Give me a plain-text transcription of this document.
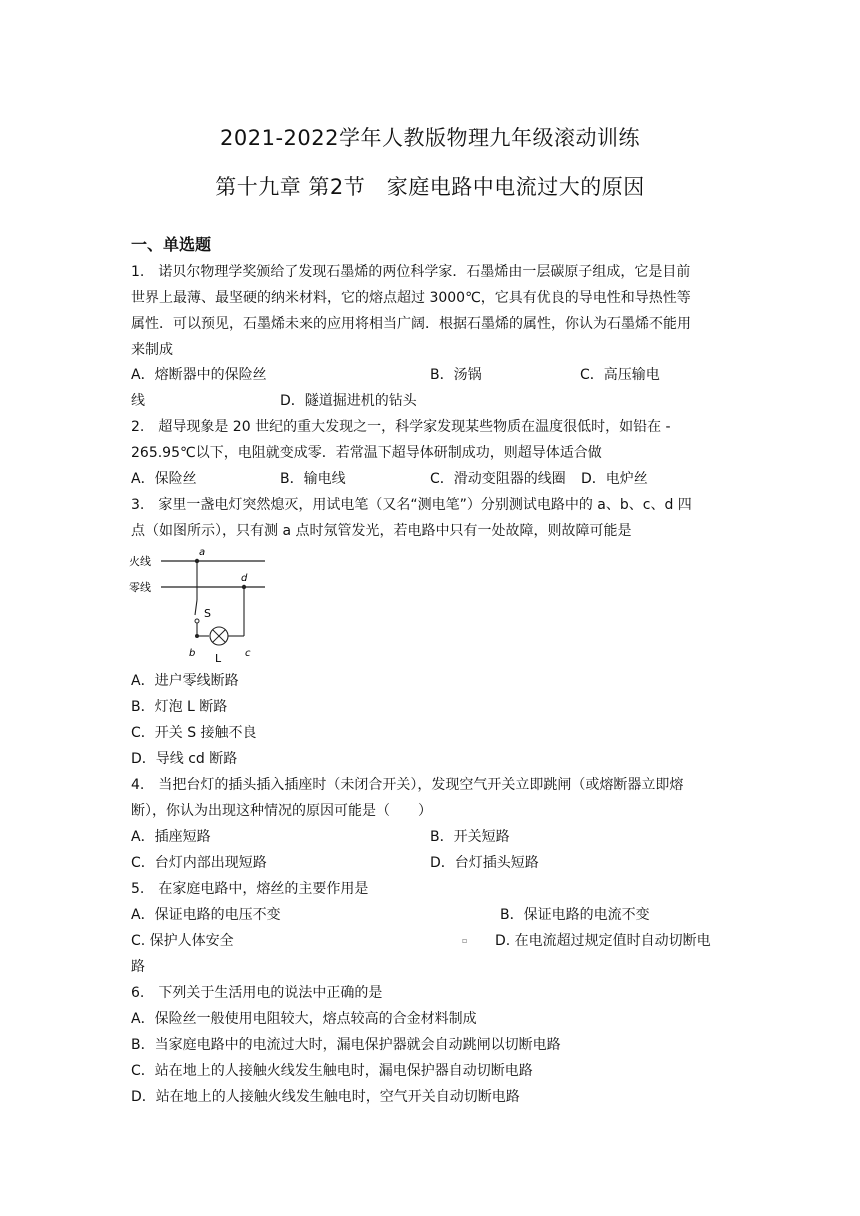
2021-2022学年人教版物理九年级滚动训练
第十九章 第2节　家庭电路中电流过大的原因
一、单选题
1.　诺贝尔物理学奖颁给了发现石墨烯的两位科学家．石墨烯由一层碳原子组成，它是目前
世界上最薄、最坚硬的纳米材料，它的熔点超过 3000℃，它具有优良的导电性和导热性等
属性．可以预见，石墨烯未来的应用将相当广阔．根据石墨烯的属性，你认为石墨烯不能用
来制成
A．熔断器中的保险丝	B．汤锅	C．高压输电
线	D．隧道掘进机的钻头
2.　超导现象是 20 世纪的重大发现之一，科学家发现某些物质在温度很低时，如铅在 -
265.95℃以下，电阻就变成零．若常温下超导体研制成功，则超导体适合做
A．保险丝	B．输电线	C．滑动变阻器的线圈 D．电炉丝
3.　家里一盏电灯突然熄灭，用试电笔（又名“测电笔”）分别测试电路中的 a、b、c、d 四
点（如图所示），只有测 a 点时氖管发光，若电路中只有一处故障，则故障可能是
火线
零线
a
d
S
b L c
A．进户零线断路
B．灯泡 L 断路
C．开关 S 接触不良
D．导线 cd 断路
4.　当把台灯的插头插入插座时（未闭合开关），发现空气开关立即跳闸（或熔断器立即熔
断），你认为出现这种情况的原因可能是（　　）
A．插座短路	B．开关短路
C．台灯内部出现短路	D．台灯插头短路
5.　在家庭电路中，熔丝的主要作用是
A．保证电路的电压不变	B．保证电路的电流不变
C. 保护人体安全	▫ D. 在电流超过规定值时自动切断电
路
6.　下列关于生活用电的说法中正确的是
A．保险丝一般使用电阻较大，熔点较高的合金材料制成
B．当家庭电路中的电流过大时，漏电保护器就会自动跳闸以切断电路
C．站在地上的人接触火线发生触电时，漏电保护器自动切断电路
D．站在地上的人接触火线发生触电时，空气开关自动切断电路
